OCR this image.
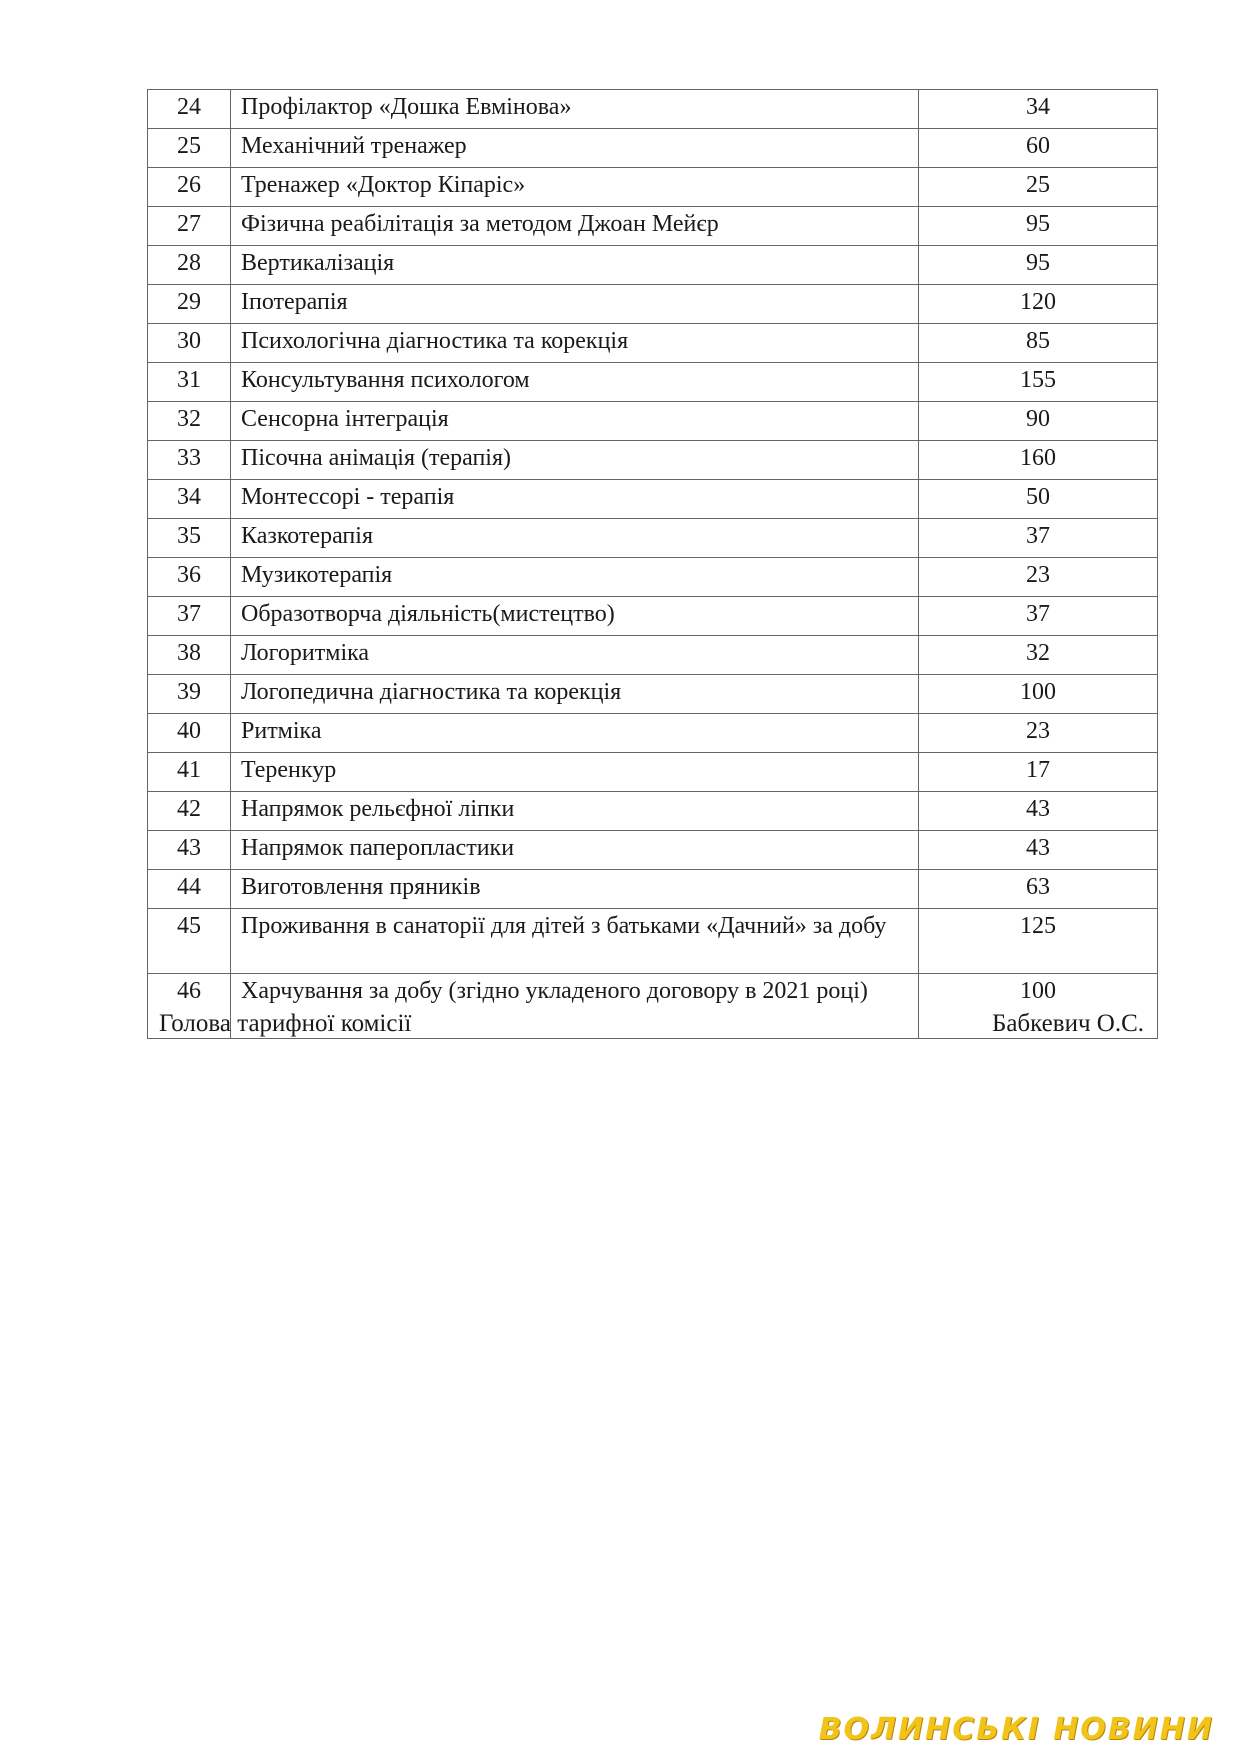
24	Профілактор «Дошка Евмінова»	34
25	Механічний тренажер	60
26	Тренажер «Доктор Кіпаріс»	25
27	Фізична реабілітація за методом Джоан Мейєр	95
28	Вертикалізація	95
29	Іпотерапія	120
30	Психологічна діагностика та корекція	85
31	Консультування психологом	155
32	Сенсорна інтеграція	90
33	Пісочна анімація (терапія)	160
34	Монтессорі - терапія	50
35	Казкотерапія	37
36	Музикотерапія	23
37	Образотворча діяльність(мистецтво)	37
38	Логоритміка	32
39	Логопедична діагностика та корекція	100
40	Ритміка	23
41	Теренкур	17
42	Напрямок рельєфної ліпки	43
43	Напрямок паперопластики	43
44	Виготовлення пряників	63
45	Проживання в санаторії для дітей з батьками «Дачний» за добу	125
46	Харчування за добу (згідно укладеного договору в 2021 році)	100
Голова тарифної комісії	Бабкевич О.С.
ВОЛИНСЬКІ НОВИНИ
